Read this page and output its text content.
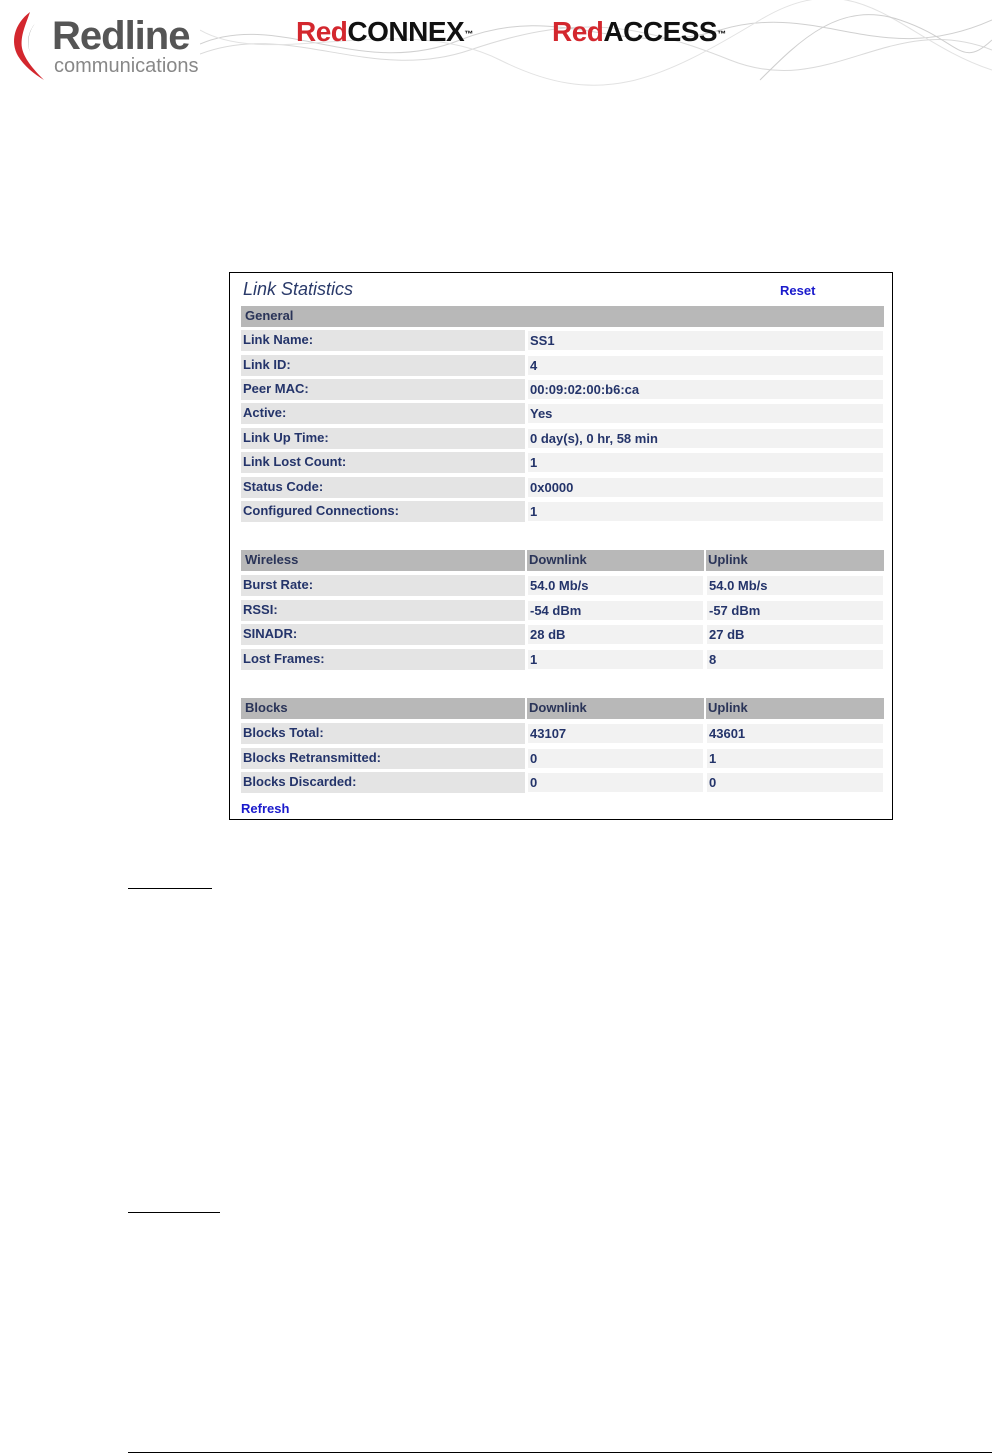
Redline
communications
RedCONNEX™	RedACCESS™
Link Statistics	Reset
General
Link Name:	SS1
Link ID:	4
Peer MAC:	00:09:02:00:b6:ca
Active:	Yes
Link Up Time:	0 day(s), 0 hr, 58 min
Link Lost Count:	1
Status Code:	0x0000
Configured Connections:	1
Wireless	Downlink	Uplink
Burst Rate:	54.0 Mb/s	54.0 Mb/s
RSSI:	-54 dBm	-57 dBm
SINADR:	28 dB	27 dB
Lost Frames:	1	8
Blocks	Downlink	Uplink
Blocks Total:	43107	43601
Blocks Retransmitted:	0	1
Blocks Discarded:	0	0
Refresh
